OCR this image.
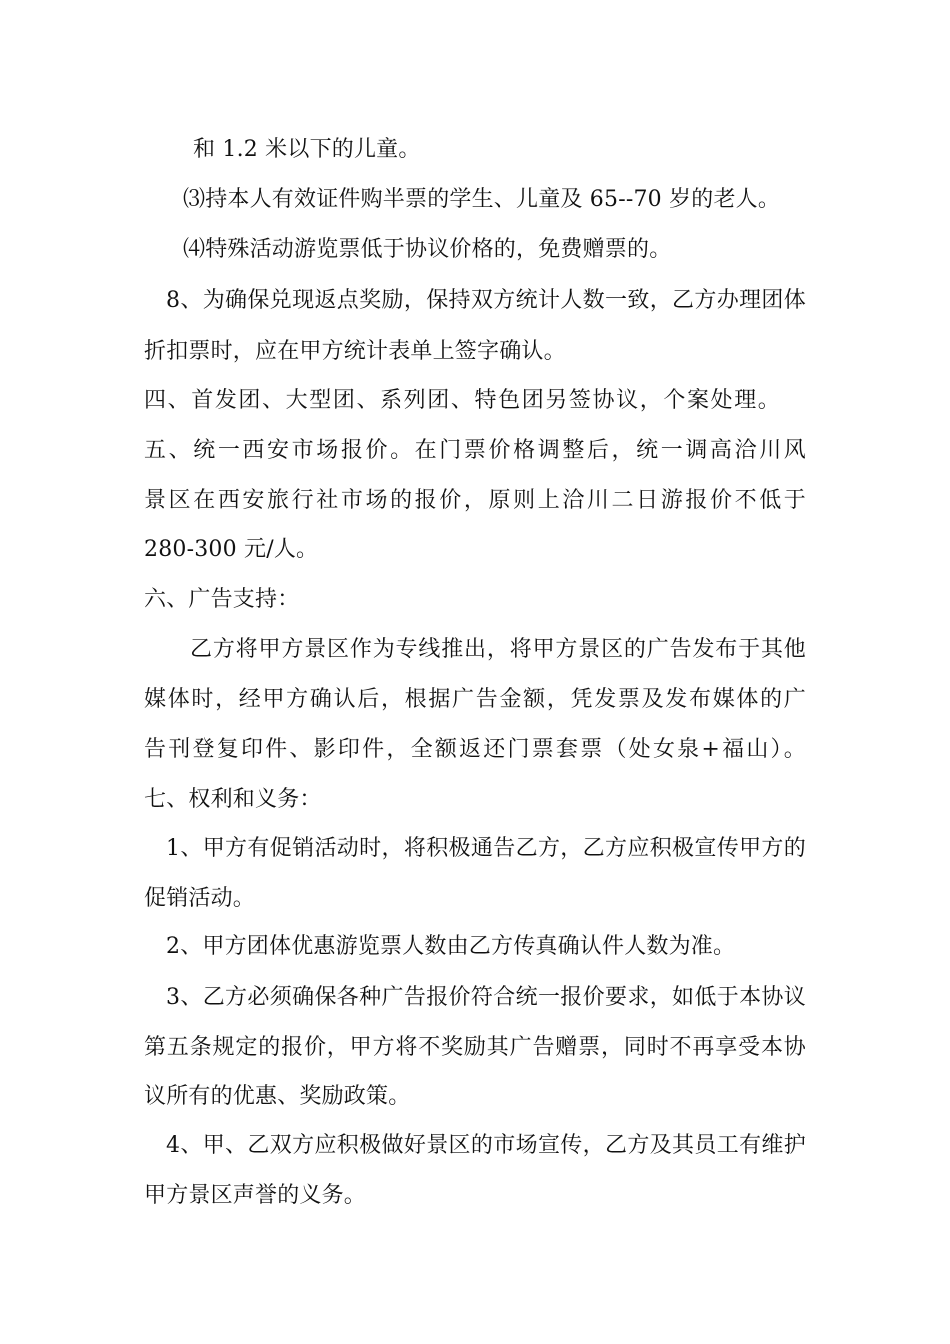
和 1.2 米以下的儿童。
⑶持本人有效证件购半票的学生、儿童及 65--70 岁的老人。
⑷特殊活动游览票低于协议价格的，免费赠票的。
8、为确保兑现返点奖励，保持双方统计人数一致，乙方办理团体
折扣票时，应在甲方统计表单上签字确认。
四、首发团、大型团、系列团、特色团另签协议，个案处理。
五、统一西安市场报价。在门票价格调整后，统一调高洽川风
景区在西安旅行社市场的报价，原则上洽川二日游报价不低于
280-300 元/人。
六、广告支持：
乙方将甲方景区作为专线推出，将甲方景区的广告发布于其他
媒体时，经甲方确认后，根据广告金额，凭发票及发布媒体的广
告刊登复印件、影印件，全额返还门票套票（处女泉+福山）。
七、权利和义务：
1、甲方有促销活动时，将积极通告乙方，乙方应积极宣传甲方的
促销活动。
2、甲方团体优惠游览票人数由乙方传真确认件人数为准。
3、乙方必须确保各种广告报价符合统一报价要求，如低于本协议
第五条规定的报价，甲方将不奖励其广告赠票，同时不再享受本协
议所有的优惠、奖励政策。
4、甲、乙双方应积极做好景区的市场宣传，乙方及其员工有维护
甲方景区声誉的义务。
